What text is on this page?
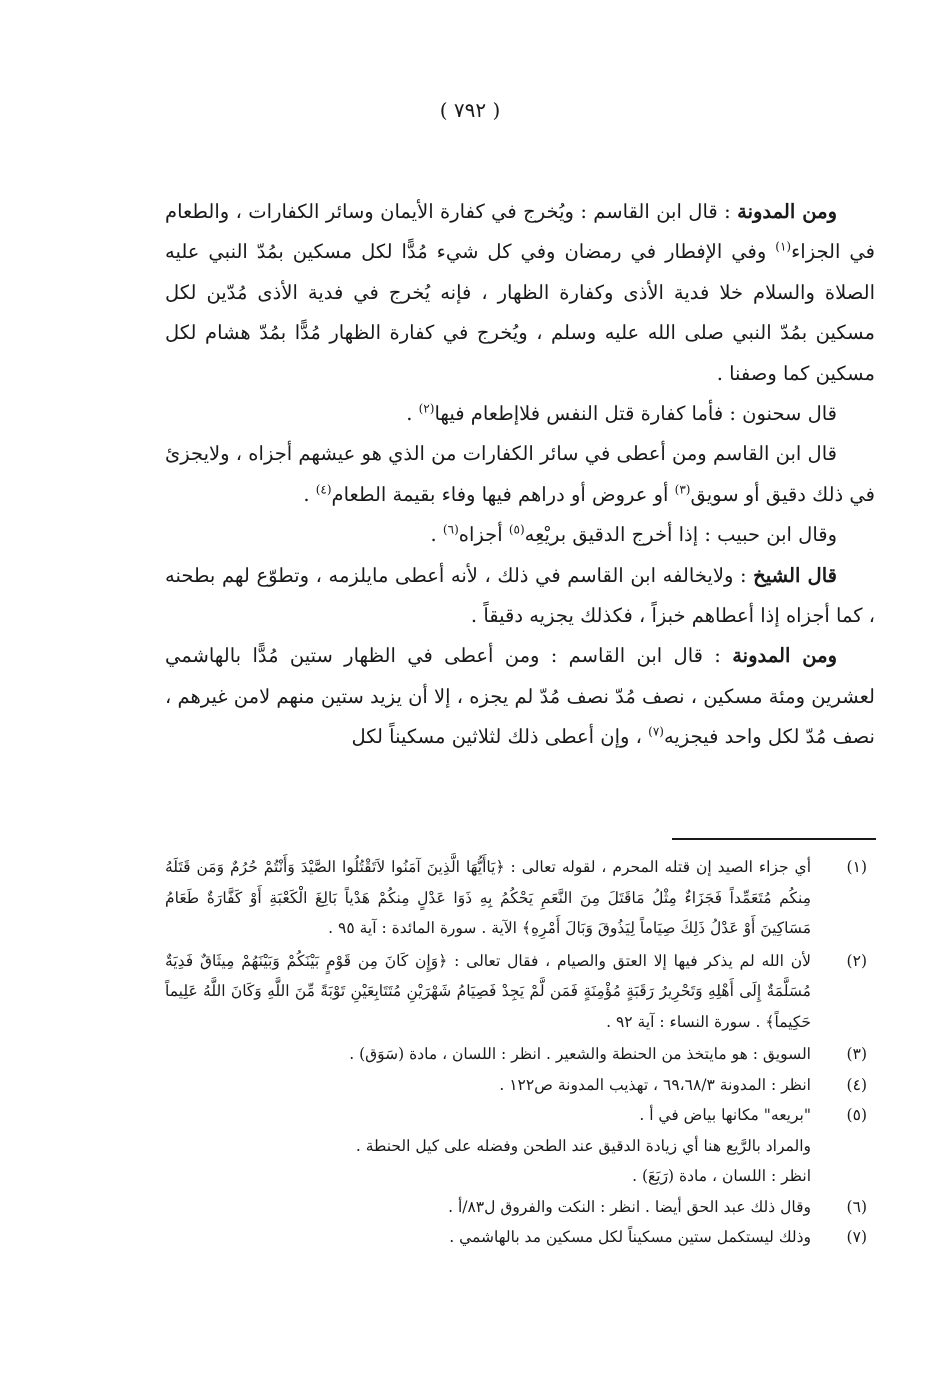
( ٧٩٢ )

ومن المدونة : قال ابن القاسم : ويُخرج في كفارة الأيمان وسائر الكفارات ، والطعام في الجزاء$^{(١)}$ وفي الإفطار في رمضان وفي كل شيء مُدًّا لكل مسكين بمُدّ النبي عليه الصلاة والسلام خلا فدية الأذى وكفارة الظهار ، فإنه يُخرج في فدية الأذى مُدّين لكل مسكين بمُدّ النبي صلى الله عليه وسلم ، ويُخرج في كفارة الظهار مُدًّا بمُدّ هشام لكل مسكين كما وصفنا .

قال سحنون : فأما كفارة قتل النفس فلاإطعام فيها$^{(٢)}$ .

قال ابن القاسم ومن أعطى في سائر الكفارات من الذي هو عيشهم أجزاه ، ولايجزئ في ذلك دقيق أو سويق$^{(٣)}$ أو عروض أو دراهم فيها وفاء بقيمة الطعام$^{(٤)}$ .

وقال ابن حبيب : إذا أخرج الدقيق بريْعِه$^{(٥)}$ أجزاه$^{(٦)}$ .

قال الشيخ : ولايخالفه ابن القاسم في ذلك ، لأنه أعطى مايلزمه ، وتطوّع لهم بطحنه ، كما أجزاه إذا أعطاهم خبزاً ، فكذلك يجزيه دقيقاً .

ومن المدونة : قال ابن القاسم : ومن أعطى في الظهار ستين مُدًّا بالهاشمي لعشرين ومئة مسكين ، نصف مُدّ نصف مُدّ لم يجزه ، إلا أن يزيد ستين منهم لامن غيرهم ، نصف مُدّ لكل واحد فيجزيه$^{(٧)}$ ، وإن أعطى ذلك لثلاثين مسكيناً لكل

(١)
أي جزاء الصيد إن قتله المحرم ، لقوله تعالى : ﴿يَاأَيُّهَا الَّذِينَ آمَنُوا لاَتَقْتُلُوا الصَّيْدَ وَأَنْتُمْ حُرُمٌ وَمَن قَتَلَهُ مِنكُم مُتَعَمِّداً فَجَزَاءٌ مِثْلُ مَاقَتَلَ مِنَ النَّعَمِ يَحْكُمُ بِهِ ذَوَا عَدْلٍ مِنكُمْ هَدْياً بَالِغَ الْكَعْبَةِ أَوْ كَفَّارَةٌ طَعَامُ مَسَاكِينَ أَوْ عَدْلُ ذَلِكَ صِيَاماً لِيَذُوقَ وَبَالَ أَمْرِهِ﴾ الآية . سورة المائدة : آية ٩٥ .
(٢)
لأن الله لم يذكر فيها إلا العتق والصيام ، فقال تعالى : ﴿وَإِن كَانَ مِن قَوْمٍ بَيْنَكُمْ وَبَيْنَهُمْ مِيثَاقٌ فَدِيَةٌ مُسَلَّمَةٌ إِلَى أَهْلِهِ وَتَحْرِيرُ رَقَبَةٍ مُؤْمِنَةٍ فَمَن لَّمْ يَجِدْ فَصِيَامُ شَهْرَيْنِ مُتَتَابِعَيْنِ تَوْبَةً مِّنَ اللَّهِ وَكَانَ اللَّهُ عَلِيماً حَكِيماً﴾ . سورة النساء : آية ٩٢ .
(٣)
السويق : هو مايتخذ من الحنطة والشعير . انظر : اللسان ، مادة (سَوَق) .
(٤)
انظر : المدونة ٦٩،٦٨/٣ ، تهذيب المدونة ص١٢٢ .
(٥)
"بريعه" مكانها بياض في أ .
والمراد بالرَّيع هنا أي زيادة الدقيق عند الطحن وفضله على كيل الحنطة .
انظر : اللسان ، مادة (رَيَعَ) .
(٦)
وقال ذلك عبد الحق أيضا . انظر : النكت والفروق ل٨٣/أ .
(٧)
وذلك ليستكمل ستين مسكيناً لكل مسكين مد بالهاشمي .
